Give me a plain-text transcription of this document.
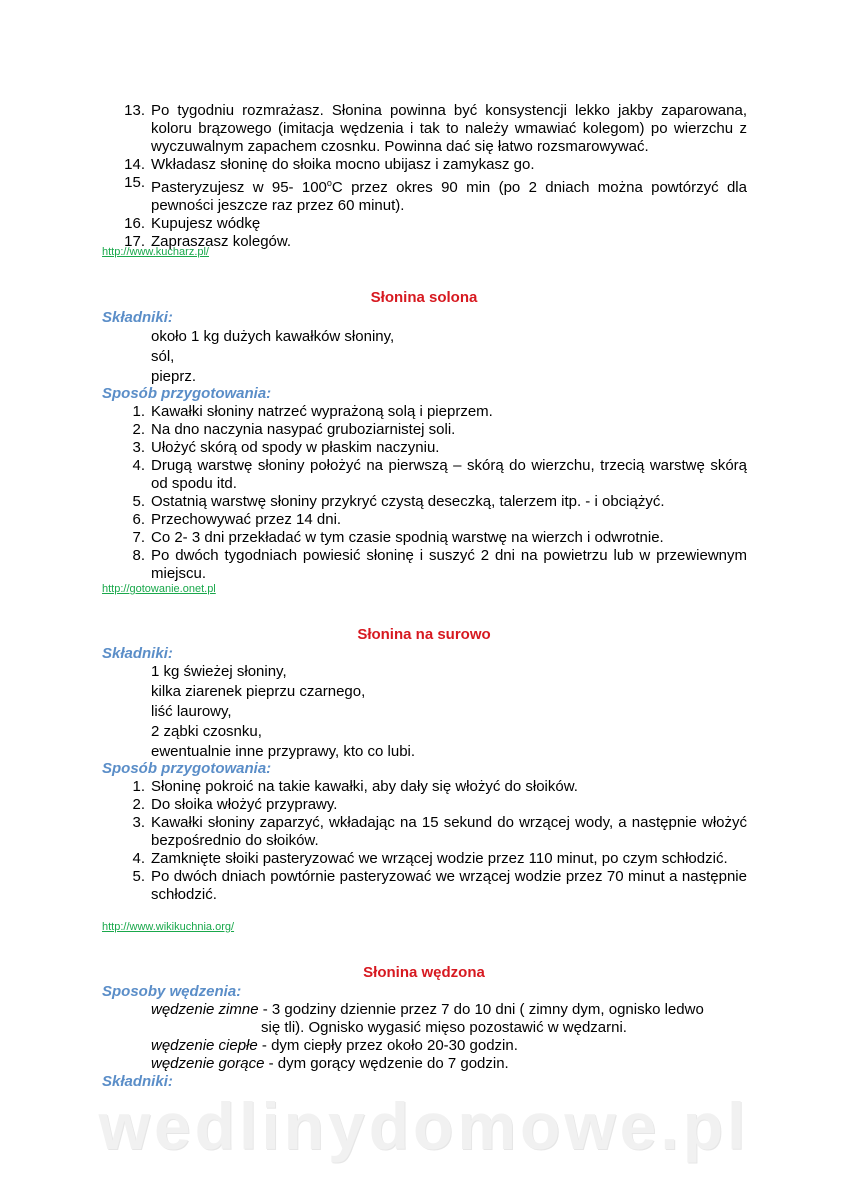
13. Po tygodniu rozmrażasz. Słonina powinna być konsystencji lekko jakby zaparowana, koloru brązowego (imitacja wędzenia i tak to należy wmawiać kolegom) po wierzchu z wyczuwalnym zapachem czosnku. Powinna dać się łatwo rozsmarowywać.
14. Wkładasz słoninę do słoika mocno ubijasz i zamykasz go.
15. Pasteryzujesz w 95- 100$^o$C przez okres 90 min (po 2 dniach można powtórzyć dla pewności jeszcze raz przez 60 minut).
16. Kupujesz wódkę
17. Zapraszasz kolegów.
http://www.kucharz.pl/
Słonina solona
Składniki:
około 1 kg dużych kawałków słoniny,
sól,
pieprz.
Sposób przygotowania:
1. Kawałki słoniny natrzeć wyprażoną solą i pieprzem.
2. Na dno naczynia nasypać gruboziarnistej soli.
3. Ułożyć skórą od spody w płaskim naczyniu.
4. Drugą warstwę słoniny położyć na pierwszą – skórą do wierzchu, trzecią warstwę skórą od spodu itd.
5. Ostatnią warstwę słoniny przykryć czystą deseczką, talerzem itp. - i obciążyć.
6. Przechowywać przez 14 dni.
7. Co 2- 3 dni przekładać w tym czasie spodnią warstwę na wierzch i odwrotnie.
8. Po dwóch tygodniach powiesić słoninę i suszyć 2 dni na powietrzu lub w przewiewnym miejscu.
http://gotowanie.onet.pl
Słonina na surowo
Składniki:
1 kg świeżej słoniny,
kilka ziarenek pieprzu czarnego,
liść laurowy,
2 ząbki czosnku,
ewentualnie inne przyprawy, kto co lubi.
Sposób przygotowania:
1. Słoninę pokroić na takie kawałki, aby dały się włożyć do słoików.
2. Do słoika włożyć przyprawy.
3. Kawałki słoniny zaparzyć, wkładając na 15 sekund do wrzącej wody, a następnie włożyć bezpośrednio do słoików.
4. Zamknięte słoiki pasteryzować we wrzącej wodzie przez 110 minut, po czym schłodzić.
5. Po dwóch dniach powtórnie pasteryzować we wrzącej wodzie przez 70 minut a następnie schłodzić.
http://www.wikikuchnia.org/
Słonina wędzona
Sposoby wędzenia:
wędzenie zimne - 3 godziny dziennie przez 7 do 10 dni ( zimny dym, ognisko ledwo
się tli). Ognisko wygasić mięso pozostawić w wędzarni.
wędzenie ciepłe - dym ciepły przez około 20-30 godzin.
wędzenie gorące - dym gorący wędzenie do 7 godzin.
Składniki:
wedlinydomowe.pl
